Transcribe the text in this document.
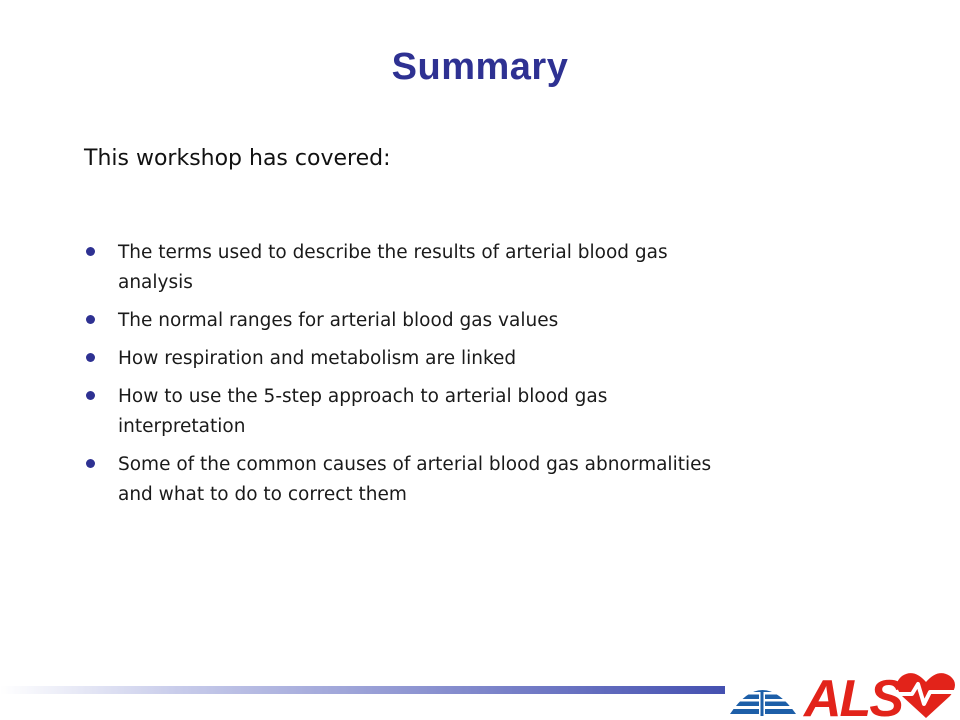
Summary
This workshop has covered:
The terms used to describe the results of arterial blood gas
analysis
The normal ranges for arterial blood gas values
How respiration and metabolism are linked
How to use the 5-step approach to arterial blood gas
interpretation
Some of the common causes of arterial blood gas abnormalities
and what to do to correct them
ALS
